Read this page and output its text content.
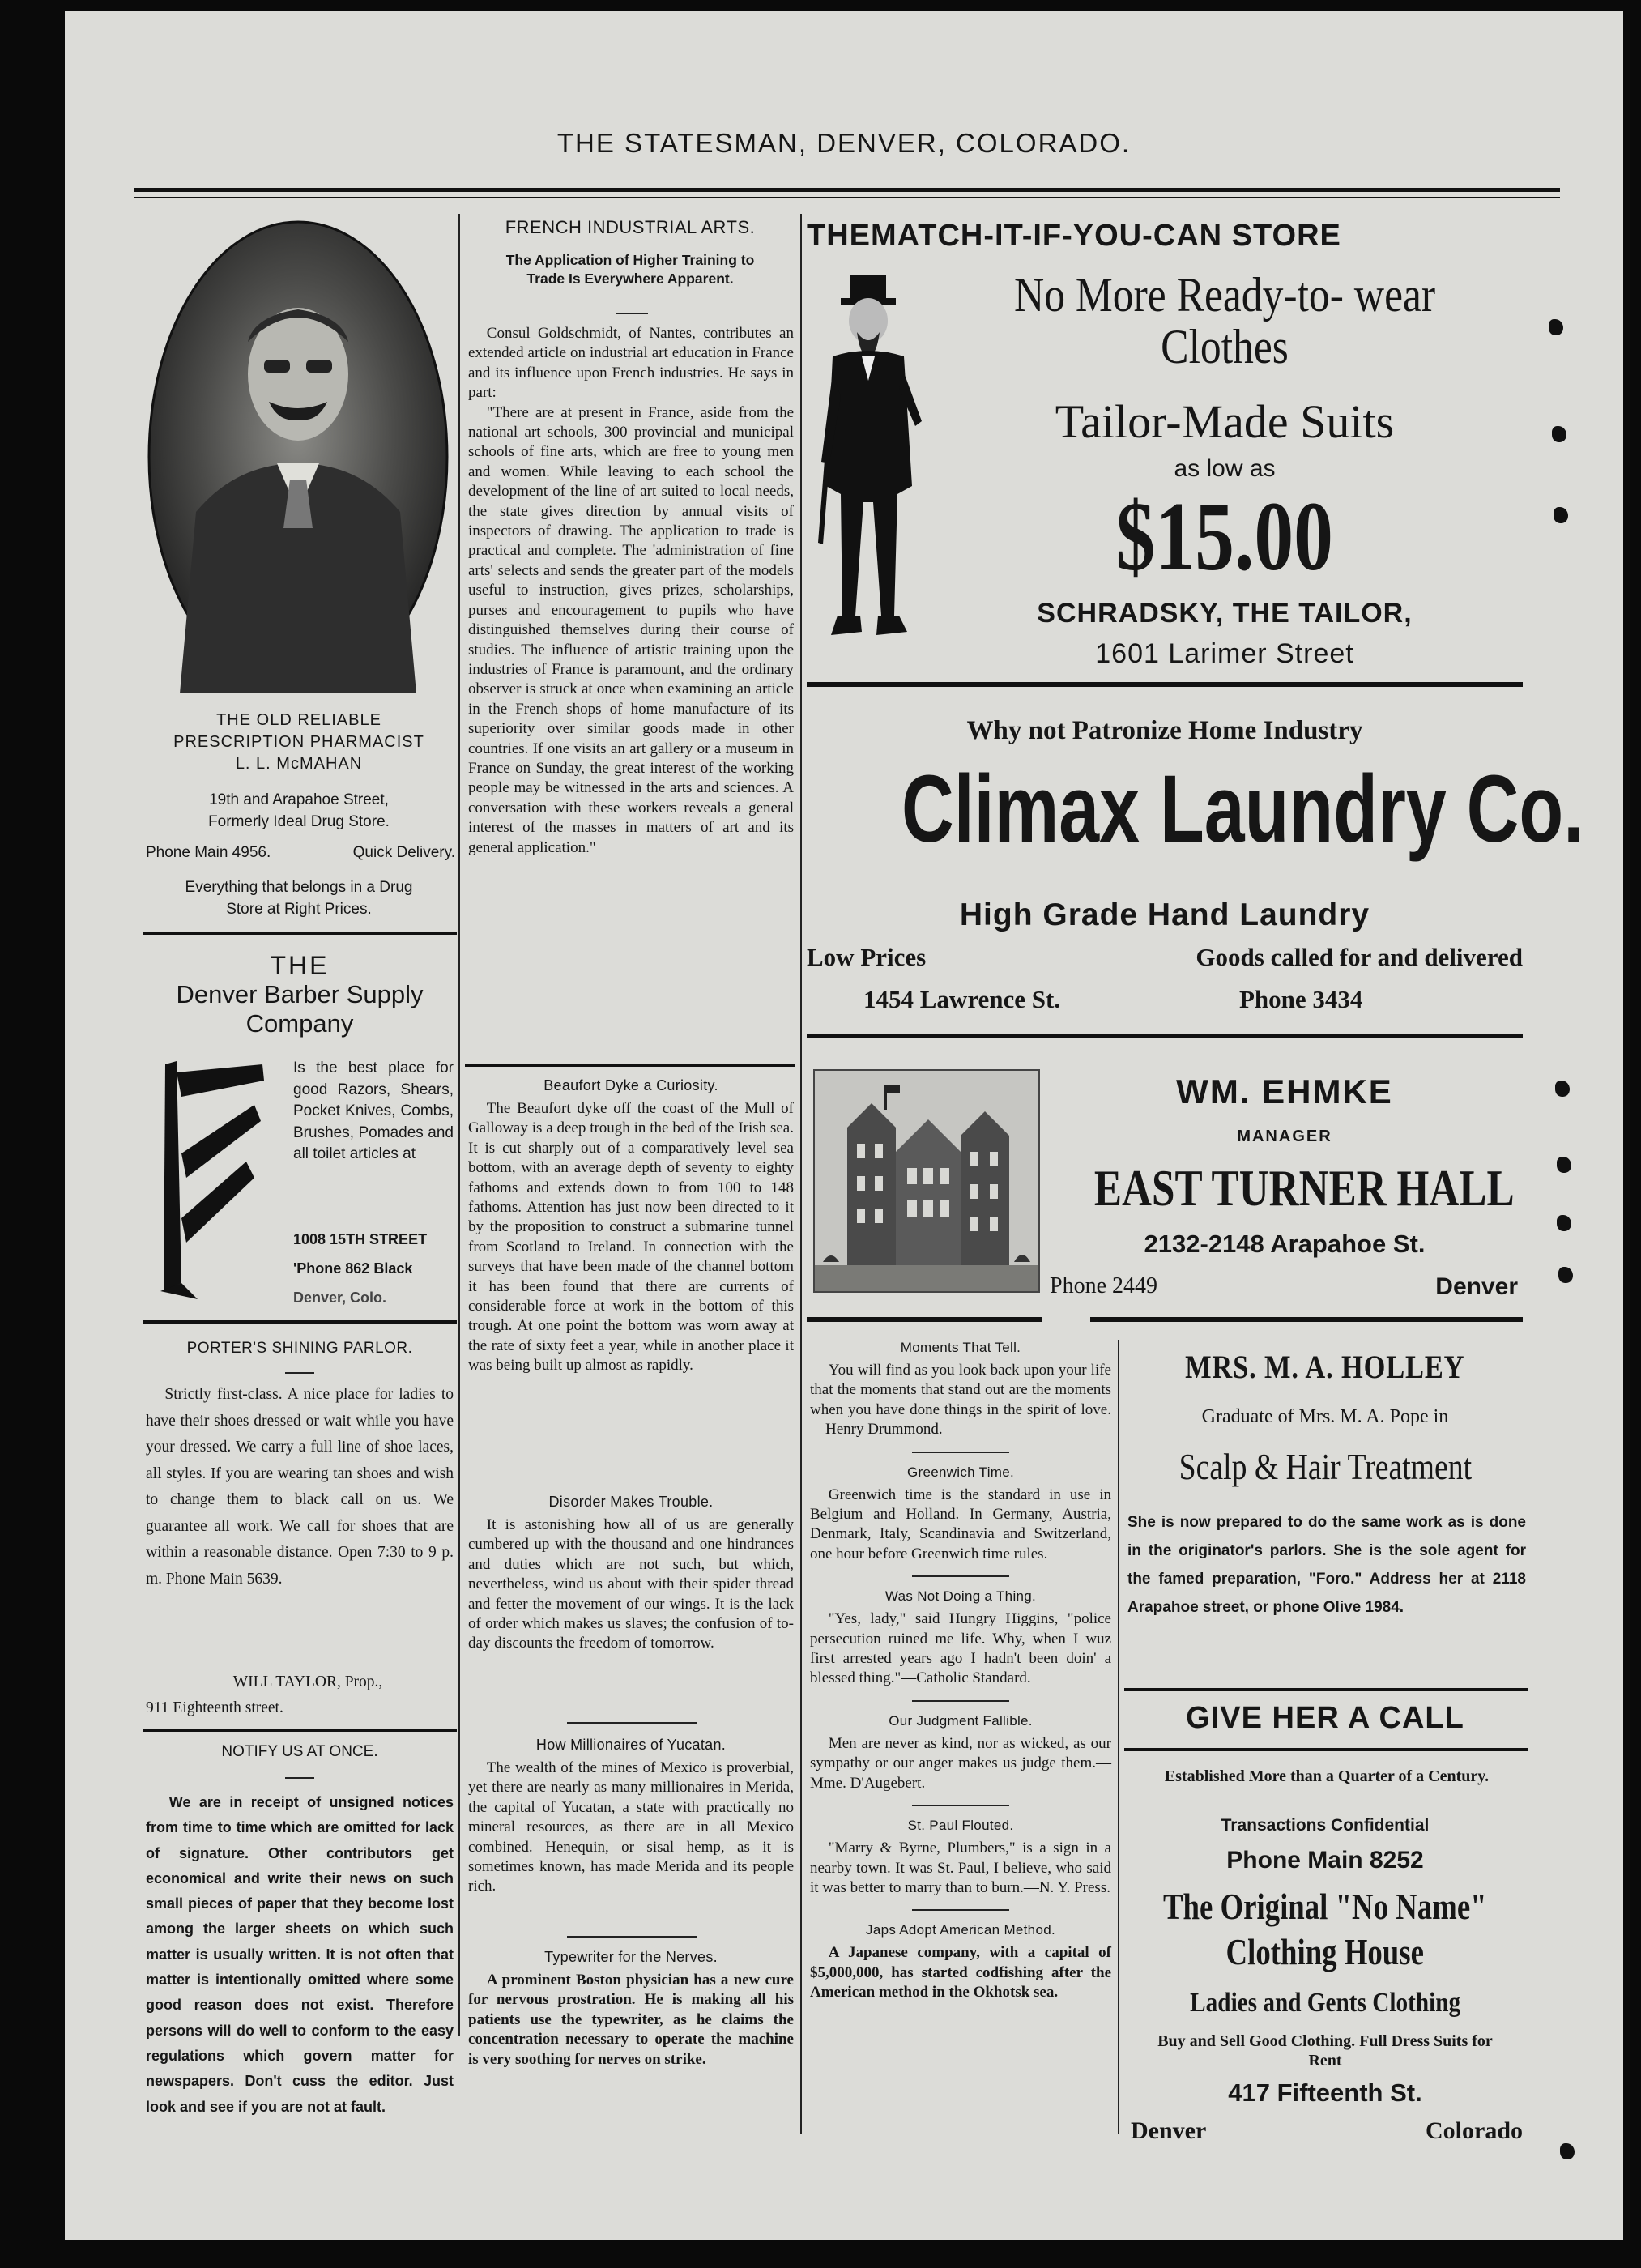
THE STATESMAN, DENVER, COLORADO.
THE OLD RELIABLE
PRESCRIPTION PHARMACIST
L. L. McMAHAN
19th and Arapahoe Street,
Formerly Ideal Drug Store.
Phone Main 4956.	Quick Delivery.
Everything that belongs in a Drug
Store at Right Prices.
THE
Denver Barber Supply
Company
Is the best place for good Razors, Shears, Pocket Knives, Combs, Brushes, Pomades and all toilet articles at
1008 15TH STREET
'Phone 862 Black
Denver, Colo.
PORTER'S SHINING PARLOR.

Strictly first-class. A nice place for ladies to have their shoes dressed or wait while you have your dressed. We carry a full line of shoe laces, all styles. If you are wearing tan shoes and wish to change them to black call on us. We guarantee all work. We call for shoes that are within a reasonable distance. Open 7:30 to 9 p. m. Phone Main 5639.

WILL TAYLOR, Prop.,
911 Eighteenth street.
NOTIFY US AT ONCE.

We are in receipt of unsigned notices from time to time which are omitted for lack of signature. Other contributors get economical and write their news on such small pieces of paper that they become lost among the larger sheets on which such matter is usually written. It is not often that matter is intentionally omitted where some good reason does not exist. Therefore persons will do well to conform to the easy regulations which govern matter for newspapers. Don't cuss the editor. Just look and see if you are not at fault.

FRENCH INDUSTRIAL ARTS.
The Application of Higher Training to Trade Is Everywhere Apparent.

Consul Goldschmidt, of Nantes, contributes an extended article on industrial art education in France and its influence upon French industries. He says in part:

"There are at present in France, aside from the national art schools, 300 provincial and municipal schools of fine arts, which are free to young men and women. While leaving to each school the development of the line of art suited to local needs, the state gives direction by annual visits of inspectors of drawing. The application to trade is practical and complete. The 'administration of fine arts' selects and sends the greater part of the models useful to instruction, gives prizes, scholarships, purses and encouragement to pupils who have distinguished themselves during their course of studies. The influence of artistic training upon the industries of France is paramount, and the ordinary observer is struck at once when examining an article in the French shops of home manufacture of its superiority over similar goods made in other countries. If one visits an art gallery or a museum in France on Sunday, the great interest of the working people may be witnessed in the arts and sciences. A conversation with these workers reveals a general interest of the masses in matters of art and its general application."

Beaufort Dyke a Curiosity.

The Beaufort dyke off the coast of the Mull of Galloway is a deep trough in the bed of the Irish sea. It is cut sharply out of a comparatively level sea bottom, with an average depth of seventy to eighty fathoms and extends down to from 100 to 148 fathoms. Attention has just now been directed to it by the proposition to construct a submarine tunnel from Scotland to Ireland. In connection with the surveys that have been made of the channel bottom it has been found that there are currents of considerable force at work in the bottom of this trough. At one point the bottom was worn away at the rate of sixty feet a year, while in another place it was being built up almost as rapidly.

Disorder Makes Trouble.

It is astonishing how all of us are generally cumbered up with the thousand and one hindrances and duties which are not such, but which, nevertheless, wind us about with their spider thread and fetter the movement of our wings. It is the lack of order which makes us slaves; the confusion of to-day discounts the freedom of tomorrow.

How Millionaires of Yucatan.

The wealth of the mines of Mexico is proverbial, yet there are nearly as many millionaires in Merida, the capital of Yucatan, a state with practically no mineral resources, as there are in all Mexico combined. Henequin, or sisal hemp, as it is sometimes known, has made Merida and its people rich.

Typewriter for the Nerves.

A prominent Boston physician has a new cure for nervous prostration. He is making all his patients use the typewriter, as he claims the concentration necessary to operate the machine is very soothing for nerves on strike.

THEMATCH-IT-IF-YOU-CAN STORE
No More Ready-to- wear
Clothes
Tailor-Made Suits
as low as
$15.00
SCHRADSKY, THE TAILOR,
1601 Larimer Street
Why not Patronize Home Industry
Climax Laundry Co.
High Grade Hand Laundry
Low Prices	Goods called for and delivered
1454 Lawrence St.	Phone 3434
WM. EHMKE
MANAGER
EAST TURNER HALL
2132-2148 Arapahoe St.
Phone 2449	Denver
Moments That Tell.

You will find as you look back upon your life that the moments that stand out are the moments when you have done things in the spirit of love.—Henry Drummond.

Greenwich Time.

Greenwich time is the standard in use in Belgium and Holland. In Germany, Austria, Denmark, Italy, Scandinavia and Switzerland, one hour before Greenwich time rules.

Was Not Doing a Thing.

"Yes, lady," said Hungry Higgins, "police persecution ruined me life. Why, when I wuz first arrested years ago I hadn't been doin' a blessed thing."—Catholic Standard.

Our Judgment Fallible.

Men are never as kind, nor as wicked, as our sympathy or our anger makes us judge them.—Mme. D'Augebert.

St. Paul Flouted.

"Marry & Byrne, Plumbers," is a sign in a nearby town. It was St. Paul, I believe, who said it was better to marry than to burn.—N. Y. Press.

Japs Adopt American Method.

A Japanese company, with a capital of $5,000,000, has started codfishing after the American method in the Okhotsk sea.

MRS. M. A. HOLLEY
Graduate of Mrs. M. A. Pope in
Scalp & Hair Treatment
She is now prepared to do the same work as is done in the originator's parlors. She is the sole agent for the famed preparation, "Foro." Address her at 2118 Arapahoe street, or phone Olive 1984.
GIVE HER A CALL
Established More than a Quarter of a Century.
Transactions Confidential
Phone Main 8252
The Original "No Name"
Clothing House
Ladies and Gents Clothing
Buy and Sell Good Clothing. Full Dress Suits for Rent
417 Fifteenth St.
Denver	Colorado
